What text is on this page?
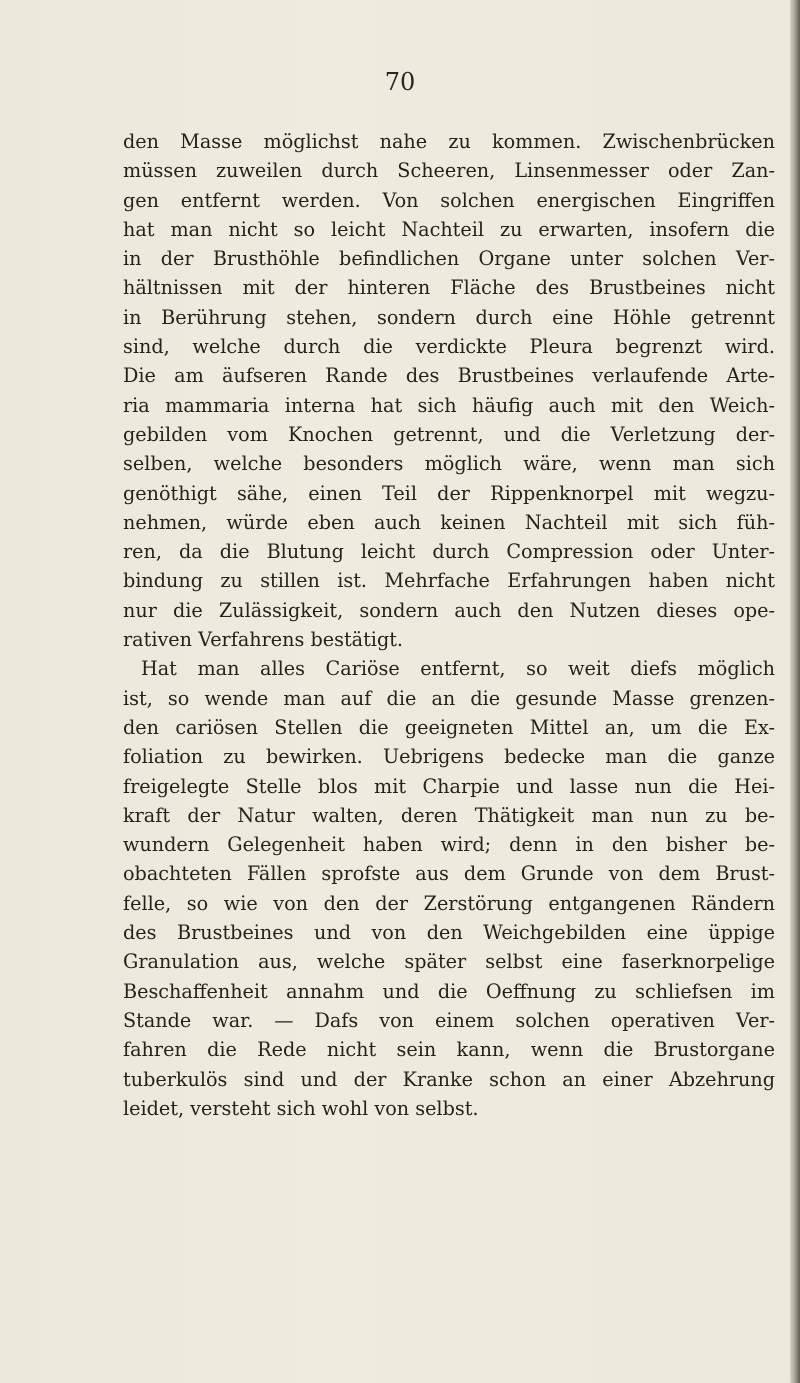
70

den Masse möglichst nahe zu kommen. Zwischenbrücken
müssen zuweilen durch Scheeren, Linsenmesser oder Zan-
gen entfernt werden. Von solchen energischen Eingriffen
hat man nicht so leicht Nachteil zu erwarten, insofern die
in der Brusthöhle befindlichen Organe unter solchen Ver-
hältnissen mit der hinteren Fläche des Brustbeines nicht
in Berührung stehen, sondern durch eine Höhle getrennt
sind, welche durch die verdickte Pleura begrenzt wird.
Die am äufseren Rande des Brustbeines verlaufende Arte-
ria mammaria interna hat sich häufig auch mit den Weich-
gebilden vom Knochen getrennt, und die Verletzung der-
selben, welche besonders möglich wäre, wenn man sich
genöthigt sähe, einen Teil der Rippenknorpel mit wegzu-
nehmen, würde eben auch keinen Nachteil mit sich füh-
ren, da die Blutung leicht durch Compression oder Unter-
bindung zu stillen ist. Mehrfache Erfahrungen haben nicht
nur die Zulässigkeit, sondern auch den Nutzen dieses ope-
rativen Verfahrens bestätigt.
Hat man alles Cariöse entfernt, so weit diefs möglich
ist, so wende man auf die an die gesunde Masse grenzen-
den cariösen Stellen die geeigneten Mittel an, um die Ex-
foliation zu bewirken. Uebrigens bedecke man die ganze
freigelegte Stelle blos mit Charpie und lasse nun die Hei-
kraft der Natur walten, deren Thätigkeit man nun zu be-
wundern Gelegenheit haben wird; denn in den bisher be-
obachteten Fällen sprofste aus dem Grunde von dem Brust-
felle, so wie von den der Zerstörung entgangenen Rändern
des Brustbeines und von den Weichgebilden eine üppige
Granulation aus, welche später selbst eine faserknorpelige
Beschaffenheit annahm und die Oeffnung zu schliefsen im
Stande war. — Dafs von einem solchen operativen Ver-
fahren die Rede nicht sein kann, wenn die Brustorgane
tuberkulös sind und der Kranke schon an einer Abzehrung
leidet, versteht sich wohl von selbst.
